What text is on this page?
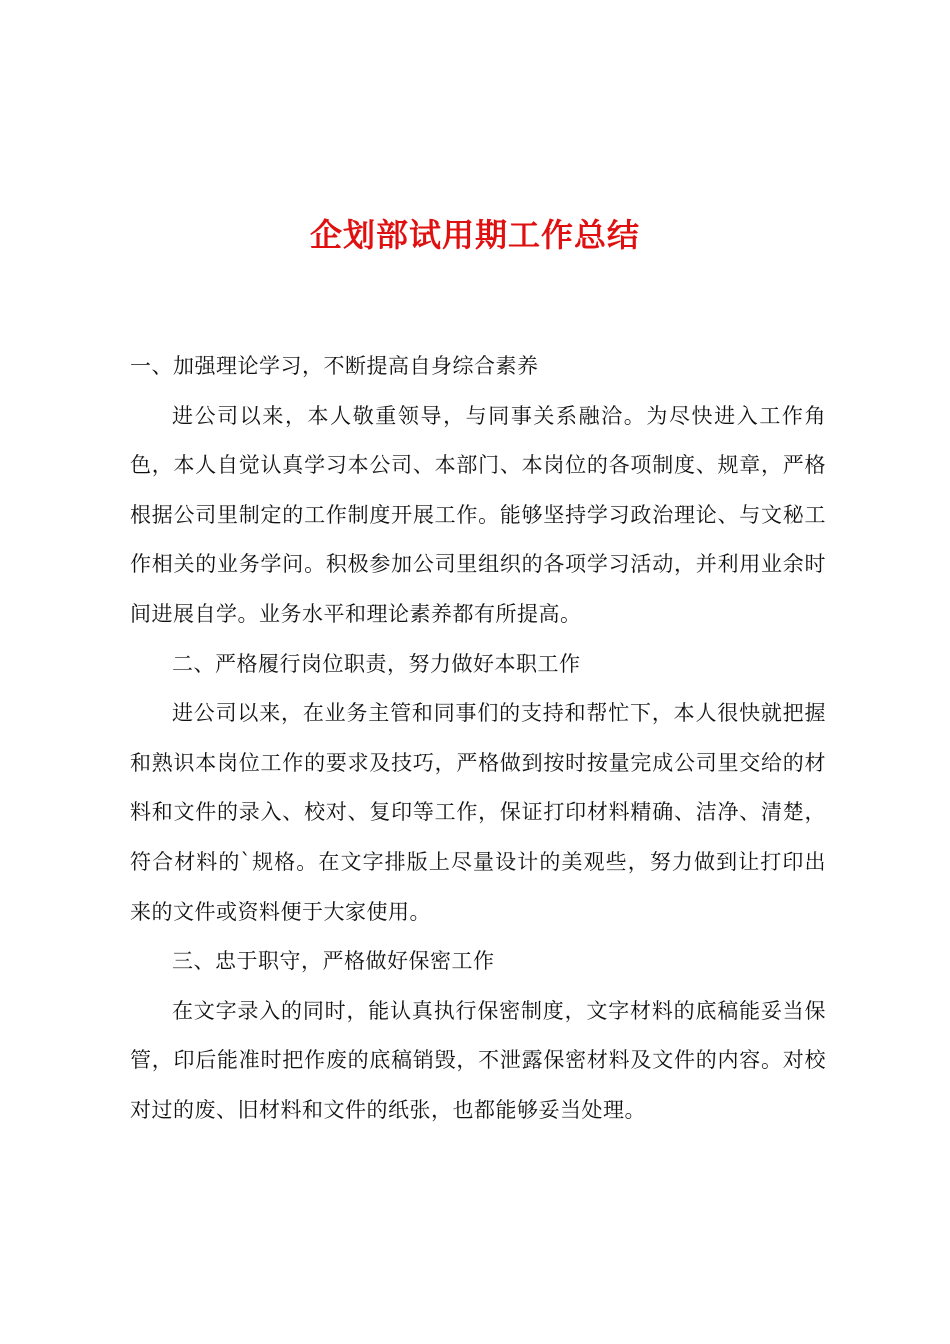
企划部试用期工作总结

一、加强理论学习，不断提高自身综合素养

进公司以来，本人敬重领导，与同事关系融洽。为尽快进入工作角色，本人自觉认真学习本公司、本部门、本岗位的各项制度、规章，严格根据公司里制定的工作制度开展工作。能够坚持学习政治理论、与文秘工作相关的业务学问。积极参加公司里组织的各项学习活动，并利用业余时间进展自学。业务水平和理论素养都有所提高。

二、严格履行岗位职责，努力做好本职工作

进公司以来，在业务主管和同事们的支持和帮忙下，本人很快就把握和熟识本岗位工作的要求及技巧，严格做到按时按量完成公司里交给的材料和文件的录入、校对、复印等工作，保证打印材料精确、洁净、清楚，符合材料的`规格。在文字排版上尽量设计的美观些，努力做到让打印出来的文件或资料便于大家使用。

三、忠于职守，严格做好保密工作

在文字录入的同时，能认真执行保密制度，文字材料的底稿能妥当保管，印后能准时把作废的底稿销毁，不泄露保密材料及文件的内容。对校对过的废、旧材料和文件的纸张，也都能够妥当处理。
